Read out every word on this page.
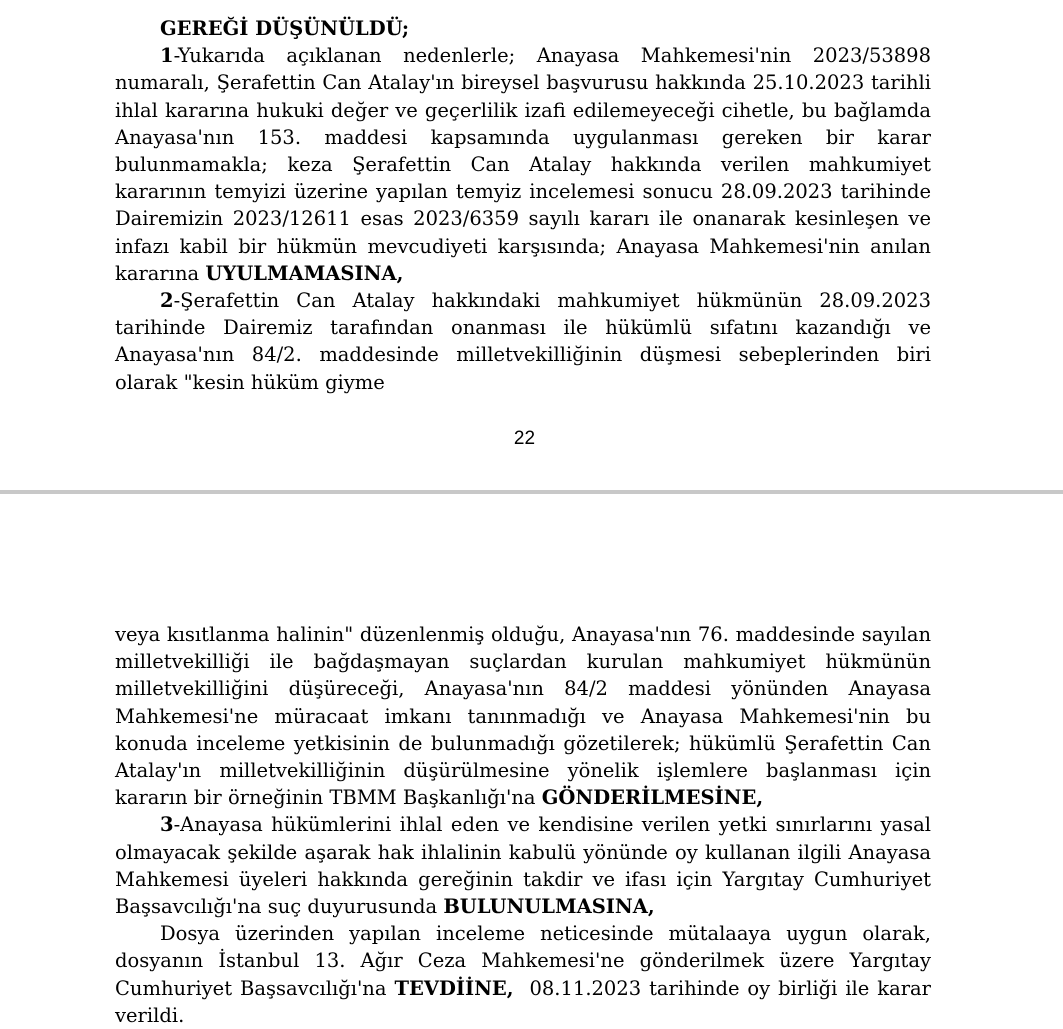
GEREĞİ DÜŞÜNÜLDÜ;

1-Yukarıda açıklanan nedenlerle; Anayasa Mahkemesi'nin 2023/53898 numaralı, Şerafettin Can Atalay'ın bireysel başvurusu hakkında 25.10.2023 tarihli ihlal kararına hukuki değer ve geçerlilik izafi edilemeyeceği cihetle, bu bağlamda Anayasa'nın 153. maddesi kapsamında uygulanması gereken bir karar bulunmamakla; keza Şerafettin Can Atalay hakkında verilen mahkumiyet kararının temyizi üzerine yapılan temyiz incelemesi sonucu 28.09.2023 tarihinde Dairemizin 2023/12611 esas 2023/6359 sayılı kararı ile onanarak kesinleşen ve infazı kabil bir hükmün mevcudiyeti karşısında; Anayasa Mahkemesi'nin anılan kararına UYULMAMASINA,

2-Şerafettin Can Atalay hakkındaki mahkumiyet hükmünün 28.09.2023 tarihinde Dairemiz tarafından onanması ile hükümlü sıfatını kazandığı ve Anayasa'nın 84/2. maddesinde milletvekilliğinin düşmesi sebeplerinden biri olarak "kesin hüküm giyme

22

veya kısıtlanma halinin" düzenlenmiş olduğu, Anayasa'nın 76. maddesinde sayılan milletvekilliği ile bağdaşmayan suçlardan kurulan mahkumiyet hükmünün milletvekilliğini düşüreceği, Anayasa'nın 84/2 maddesi yönünden Anayasa Mahkemesi'ne müracaat imkanı tanınmadığı ve Anayasa Mahkemesi'nin bu konuda inceleme yetkisinin de bulunmadığı gözetilerek; hükümlü Şerafettin Can Atalay'ın milletvekilliğinin düşürülmesine yönelik işlemlere başlanması için kararın bir örneğinin TBMM Başkanlığı'na GÖNDERİLMESİNE,

3-Anayasa hükümlerini ihlal eden ve kendisine verilen yetki sınırlarını yasal olmayacak şekilde aşarak hak ihlalinin kabulü yönünde oy kullanan ilgili Anayasa Mahkemesi üyeleri hakkında gereğinin takdir ve ifası için Yargıtay Cumhuriyet Başsavcılığı'na suç duyurusunda BULUNULMASINA,

Dosya üzerinden yapılan inceleme neticesinde mütalaaya uygun olarak, dosyanın İstanbul 13. Ağır Ceza Mahkemesi'ne gönderilmek üzere Yargıtay Cumhuriyet Başsavcılığı'na TEVDİİNE,  08.11.2023 tarihinde oy birliği ile karar verildi.
